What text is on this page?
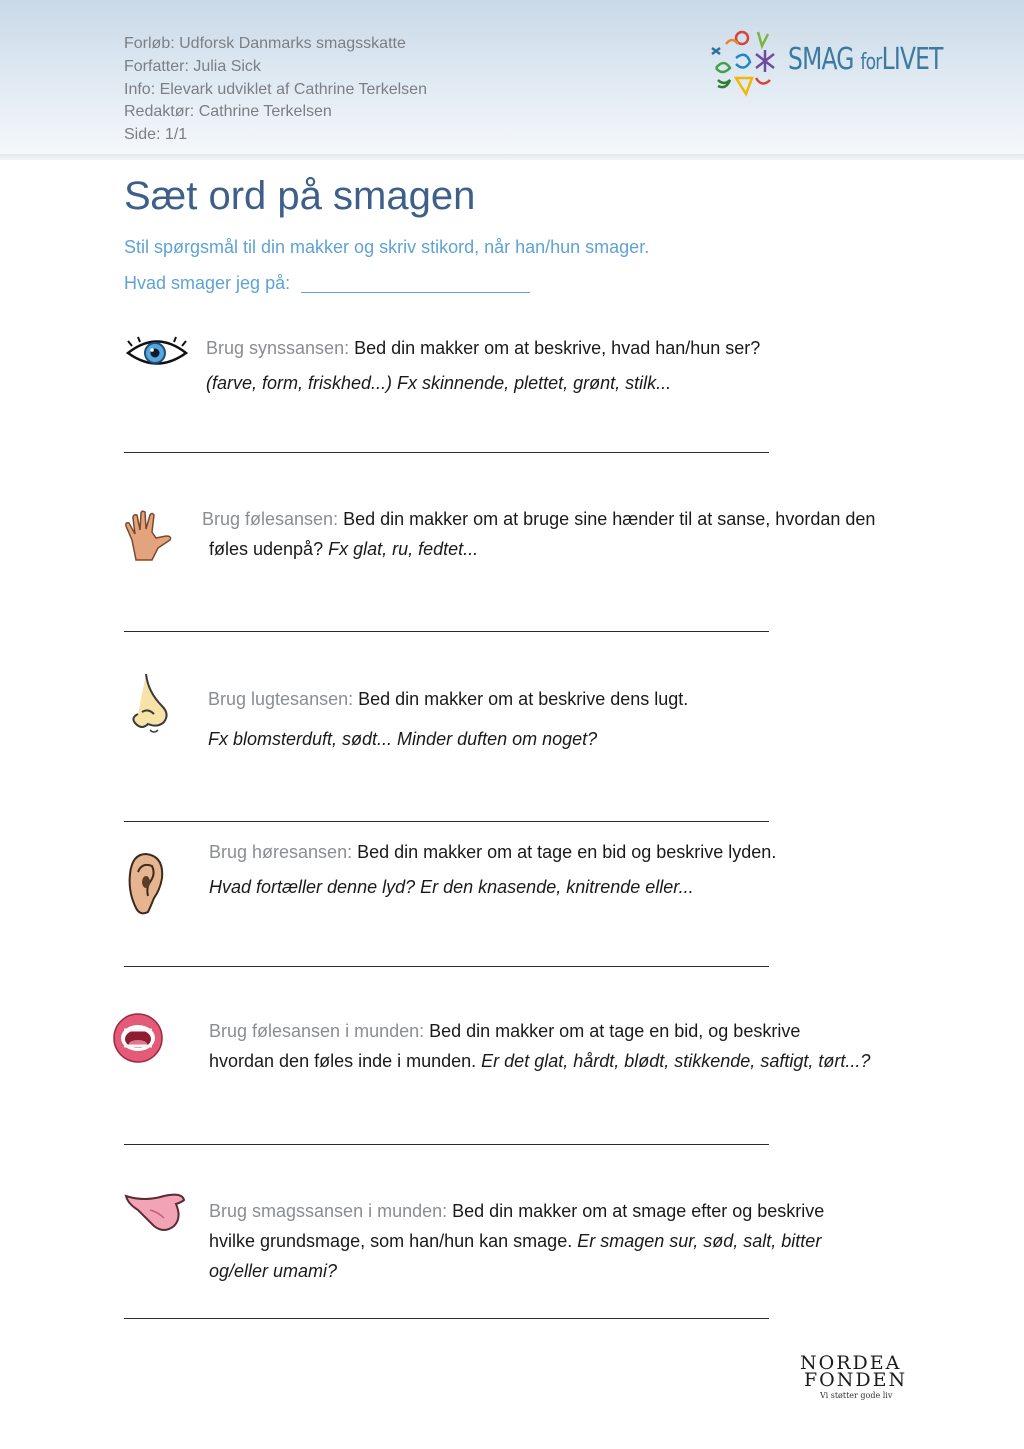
Forløb: Udforsk Danmarks smagsskatte
Forfatter: Julia Sick
Info: Elevark udviklet af Cathrine Terkelsen
Redaktør: Cathrine Terkelsen
Side: 1/1
SMAG forLIVET
Sæt ord på smagen
Stil spørgsmål til din makker og skriv stikord, når han/hun smager.
Hvad smager jeg på:
Brug synssansen: Bed din makker om at beskrive, hvad han/hun ser?
(farve, form, friskhed...) Fx skinnende, plettet, grønt, stilk...
Brug følesansen: Bed din makker om at bruge sine hænder til at sanse, hvordan den
føles udenpå? Fx glat, ru, fedtet...
Brug lugtesansen: Bed din makker om at beskrive dens lugt.
Fx blomsterduft, sødt... Minder duften om noget?
Brug høresansen: Bed din makker om at tage en bid og beskrive lyden.
Hvad fortæller denne lyd? Er den knasende, knitrende eller...
Brug følesansen i munden: Bed din makker om at tage en bid, og beskrive
hvordan den føles inde i munden. Er det glat, hårdt, blødt, stikkende, saftigt, tørt...?
Brug smagssansen i munden: Bed din makker om at smage efter og beskrive
hvilke grundsmage, som han/hun kan smage. Er smagen sur, sød, salt, bitter
og/eller umami?
NORDEA
FONDEN
Vi støtter gode liv
